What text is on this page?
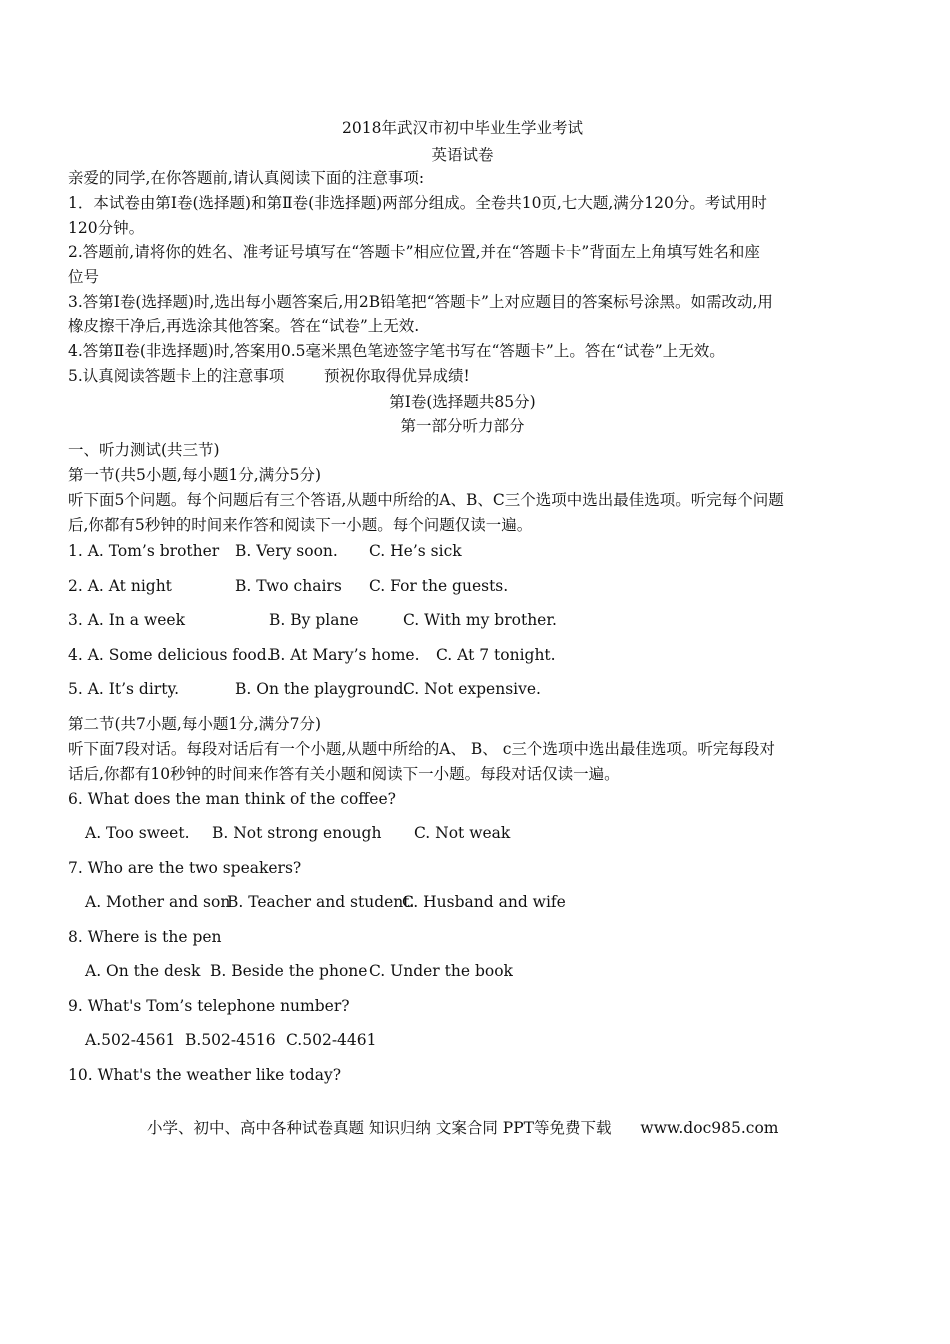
2018年武汉市初中毕业生学业考试
英语试卷
亲爱的同学,在你答题前,请认真阅读下面的注意事项:
1．本试卷由第Ⅰ卷(选择题)和第Ⅱ卷(非选择题)两部分组成。全卷共10页,七大题,满分120分。考试用时
120分钟。
2.答题前,请将你的姓名、准考证号填写在“答题卡”相应位置,并在“答题卡卡”背面左上角填写姓名和座
位号
3.答第I卷(选择题)时,选出每小题答案后,用2B铅笔把“答题卡”上对应题目的答案标号涂黑。如需改动,用
橡皮擦干净后,再选涂其他答案。答在“试卷”上无效.
4.答第Ⅱ卷(非选择题)时,答案用0.5毫米黑色笔迹签字笔书写在“答题卡”上。答在“试卷”上无效。
5.认真阅读答题卡上的注意事项	预祝你取得优异成绩!
第I卷(选择题共85分)
第一部分听力部分
一、听力测试(共三节)
第一节(共5小题,每小题1分,满分5分)
听下面5个问题。每个问题后有三个答语,从题中所给的A、B、C三个选项中选出最佳选项。听完每个问题
后,你都有5秒钟的时间来作答和阅读下一小题。每个问题仅读一遍。
1. A. Tom’s brother B. Very soon. C. He’s sick
2. A. At night	B. Two chairs C. For the guests.
3. A. In a week	B. By plane	C. With my brother.
4. A. Some delicious food.
B. At Mary’s home. C. At 7 tonight.
5. A. It’s dirty.	B. On the playground.
C. Not expensive.
第二节(共7小题,每小题1分,满分7分)
听下面7段对话。每段对话后有一个小题,从题中所给的A、 B、 c三个选项中选出最佳选项。听完每段对
话后,你都有10秒钟的时间来作答有关小题和阅读下一小题。每段对话仅读一遍。
6. What does the man think of the coffee?
A. Too sweet. B. Not strong enough C. Not weak
7. Who are the two speakers?
A. Mother and son
B. Teacher and student.
C. Husband and wife
8. Where is the pen
A. On the desk B. Beside the phone C. Under the book
9. What's Tom’s telephone number?
A.502-4561 B.502-4516 C.502-4461
10. What's the weather like today?
小学、初中、高中各种试卷真题 知识归纳 文案合同 PPT等免费下载 www.doc985.com
